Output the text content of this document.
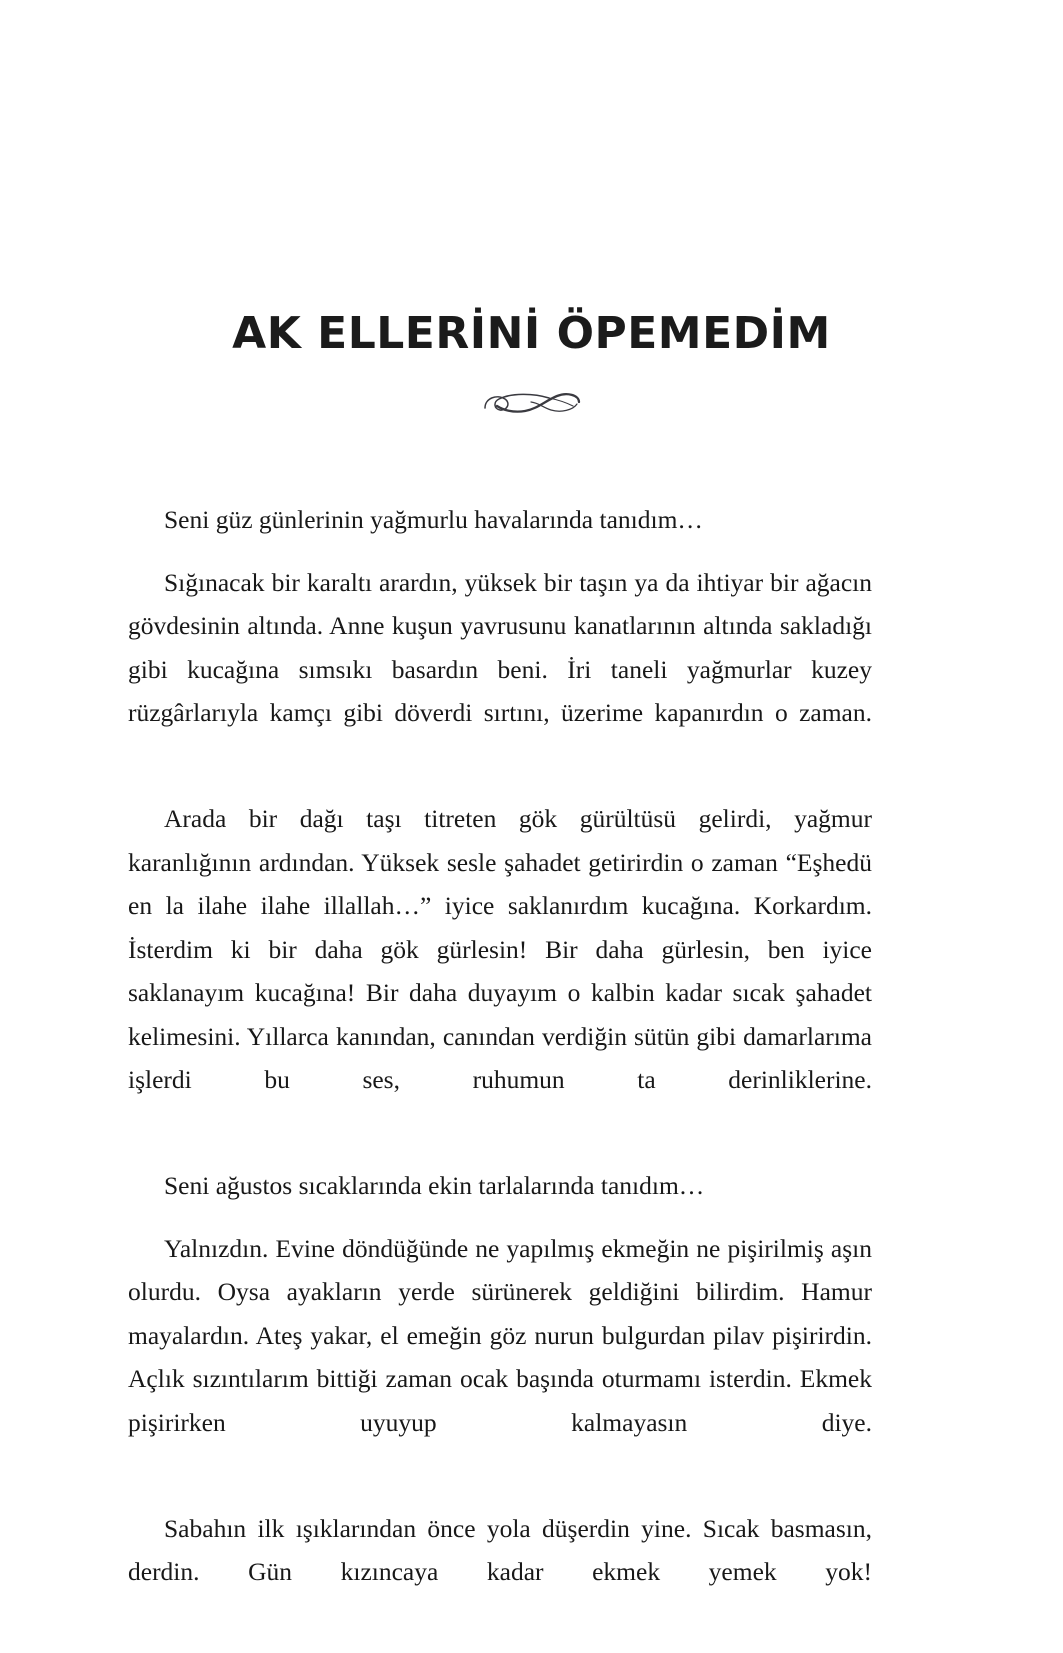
AK ELLERİNİ ÖPEMEDİM

Seni güz günlerinin yağmurlu havalarında tanıdım…

Sığınacak bir karaltı arardın, yüksek bir taşın ya da ihtiyar bir ağacın gövdesinin altında. Anne kuşun yavrusunu kanatlarının altında sakladığı gibi kucağına sımsıkı basardın beni. İri taneli yağmurlar kuzey rüzgârlarıyla kamçı gibi döverdi sırtını, üzerime kapanırdın o zaman.

Arada bir dağı taşı titreten gök gürültüsü gelirdi, yağmur karanlığının ardından. Yüksek sesle şahadet getirirdin o zaman “Eşhedü en la ilahe ilahe illallah…” iyice saklanırdım kucağına. Korkardım. İsterdim ki bir daha gök gürlesin! Bir daha gürlesin, ben iyice saklanayım kucağına! Bir daha duyayım o kalbin kadar sıcak şahadet kelimesini. Yıllarca kanından, canından verdiğin sütün gibi damarlarıma işlerdi bu ses, ruhumun ta derinliklerine.

Seni ağustos sıcaklarında ekin tarlalarında tanıdım…

Yalnızdın. Evine döndüğünde ne yapılmış ekmeğin ne pişirilmiş aşın olurdu. Oysa ayakların yerde sürünerek geldiğini bilirdim. Hamur mayalardın. Ateş yakar, el emeğin göz nurun bulgurdan pilav pişirirdin. Açlık sızıntılarım bittiği zaman ocak başında oturmamı isterdin. Ekmek pişirirken uyuyup kalmayasın diye.

Sabahın ilk ışıklarından önce yola düşerdin yine. Sıcak basmasın, derdin. Gün kızıncaya kadar ekmek yemek yok!
